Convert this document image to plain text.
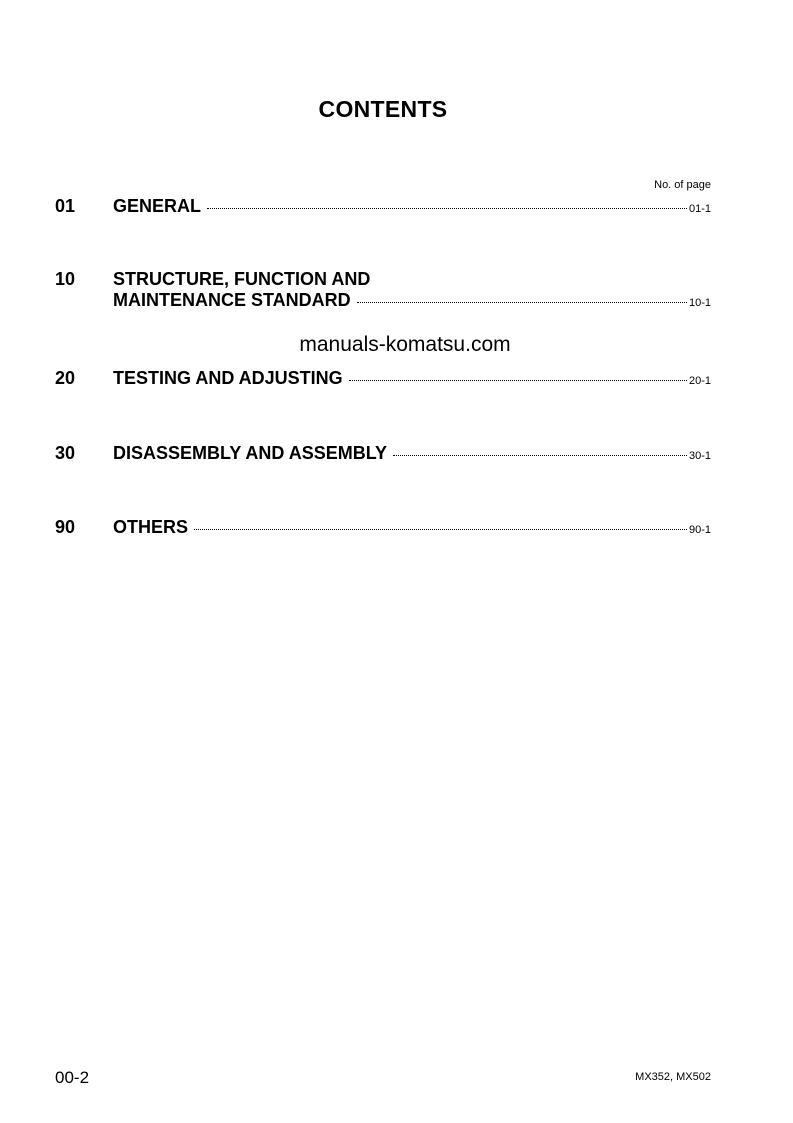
CONTENTS
No. of page
01 GENERAL	01-1
10 STRUCTURE, FUNCTION AND
MAINTENANCE STANDARD	10-1
manuals-komatsu.com
20 TESTING AND ADJUSTING	20-1
30 DISASSEMBLY AND ASSEMBLY	30-1
90 OTHERS	90-1
00-2	MX352, MX502
